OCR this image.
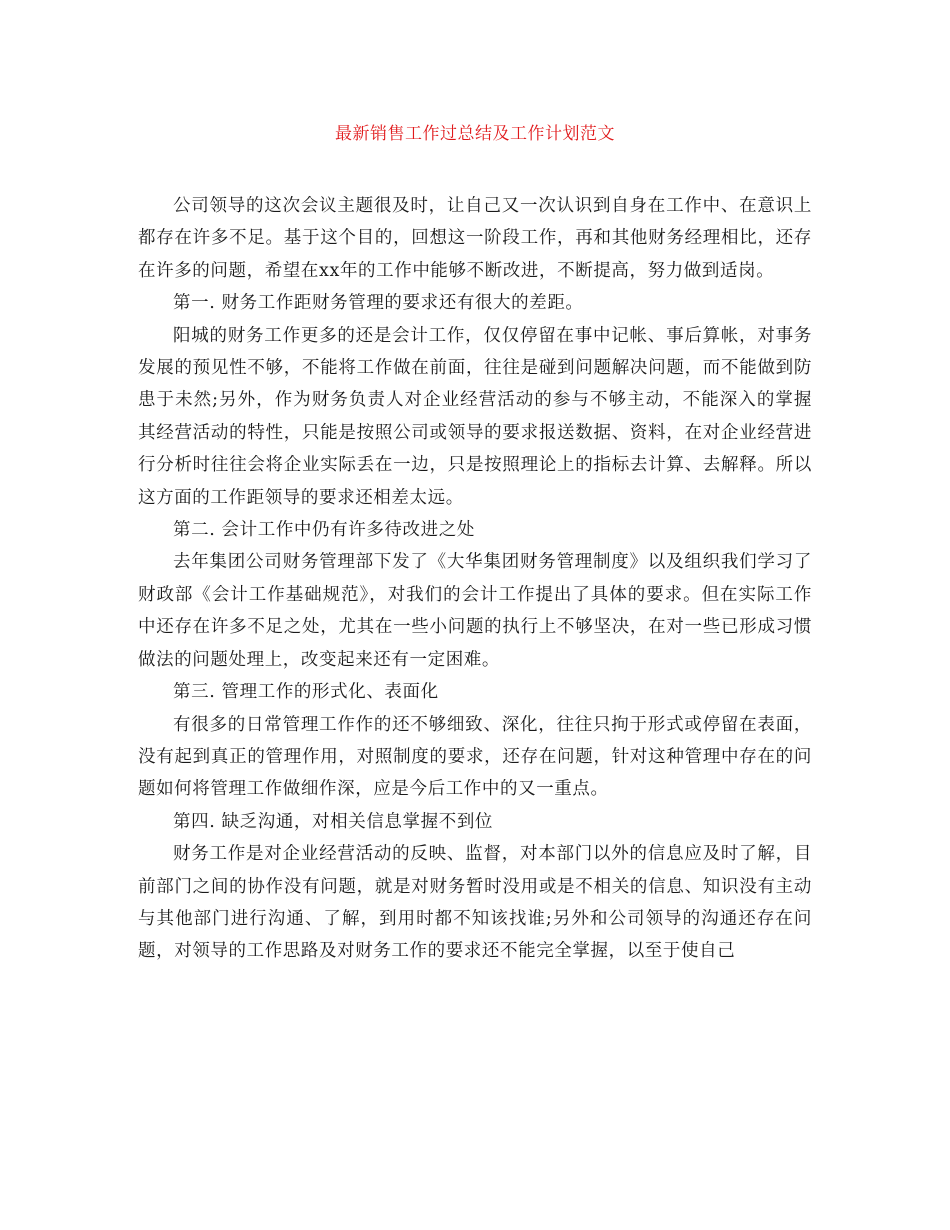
最新销售工作过总结及工作计划范文

公司领导的这次会议主题很及时，让自己又一次认识到自身在工作中、在意识上都存在许多不足。基于这个目的，回想这一阶段工作，再和其他财务经理相比，还存在许多的问题，希望在xx年的工作中能够不断改进，不断提高，努力做到适岗。

第一. 财务工作距财务管理的要求还有很大的差距。

阳城的财务工作更多的还是会计工作，仅仅停留在事中记帐、事后算帐，对事务发展的预见性不够，不能将工作做在前面，往往是碰到问题解决问题，而不能做到防患于未然;另外，作为财务负责人对企业经营活动的参与不够主动，不能深入的掌握其经营活动的特性，只能是按照公司或领导的要求报送数据、资料，在对企业经营进行分析时往往会将企业实际丢在一边，只是按照理论上的指标去计算、去解释。所以这方面的工作距领导的要求还相差太远。

第二. 会计工作中仍有许多待改进之处

去年集团公司财务管理部下发了《大华集团财务管理制度》以及组织我们学习了财政部《会计工作基础规范》，对我们的会计工作提出了具体的要求。但在实际工作中还存在许多不足之处，尤其在一些小问题的执行上不够坚决，在对一些已形成习惯做法的问题处理上，改变起来还有一定困难。

第三. 管理工作的形式化、表面化

有很多的日常管理工作作的还不够细致、深化，往往只拘于形式或停留在表面，没有起到真正的管理作用，对照制度的要求，还存在问题，针对这种管理中存在的问题如何将管理工作做细作深，应是今后工作中的又一重点。

第四. 缺乏沟通，对相关信息掌握不到位

财务工作是对企业经营活动的反映、监督，对本部门以外的信息应及时了解，目前部门之间的协作没有问题，就是对财务暂时没用或是不相关的信息、知识没有主动与其他部门进行沟通、了解，到用时都不知该找谁;另外和公司领导的沟通还存在问题，对领导的工作思路及对财务工作的要求还不能完全掌握，以至于使自己
